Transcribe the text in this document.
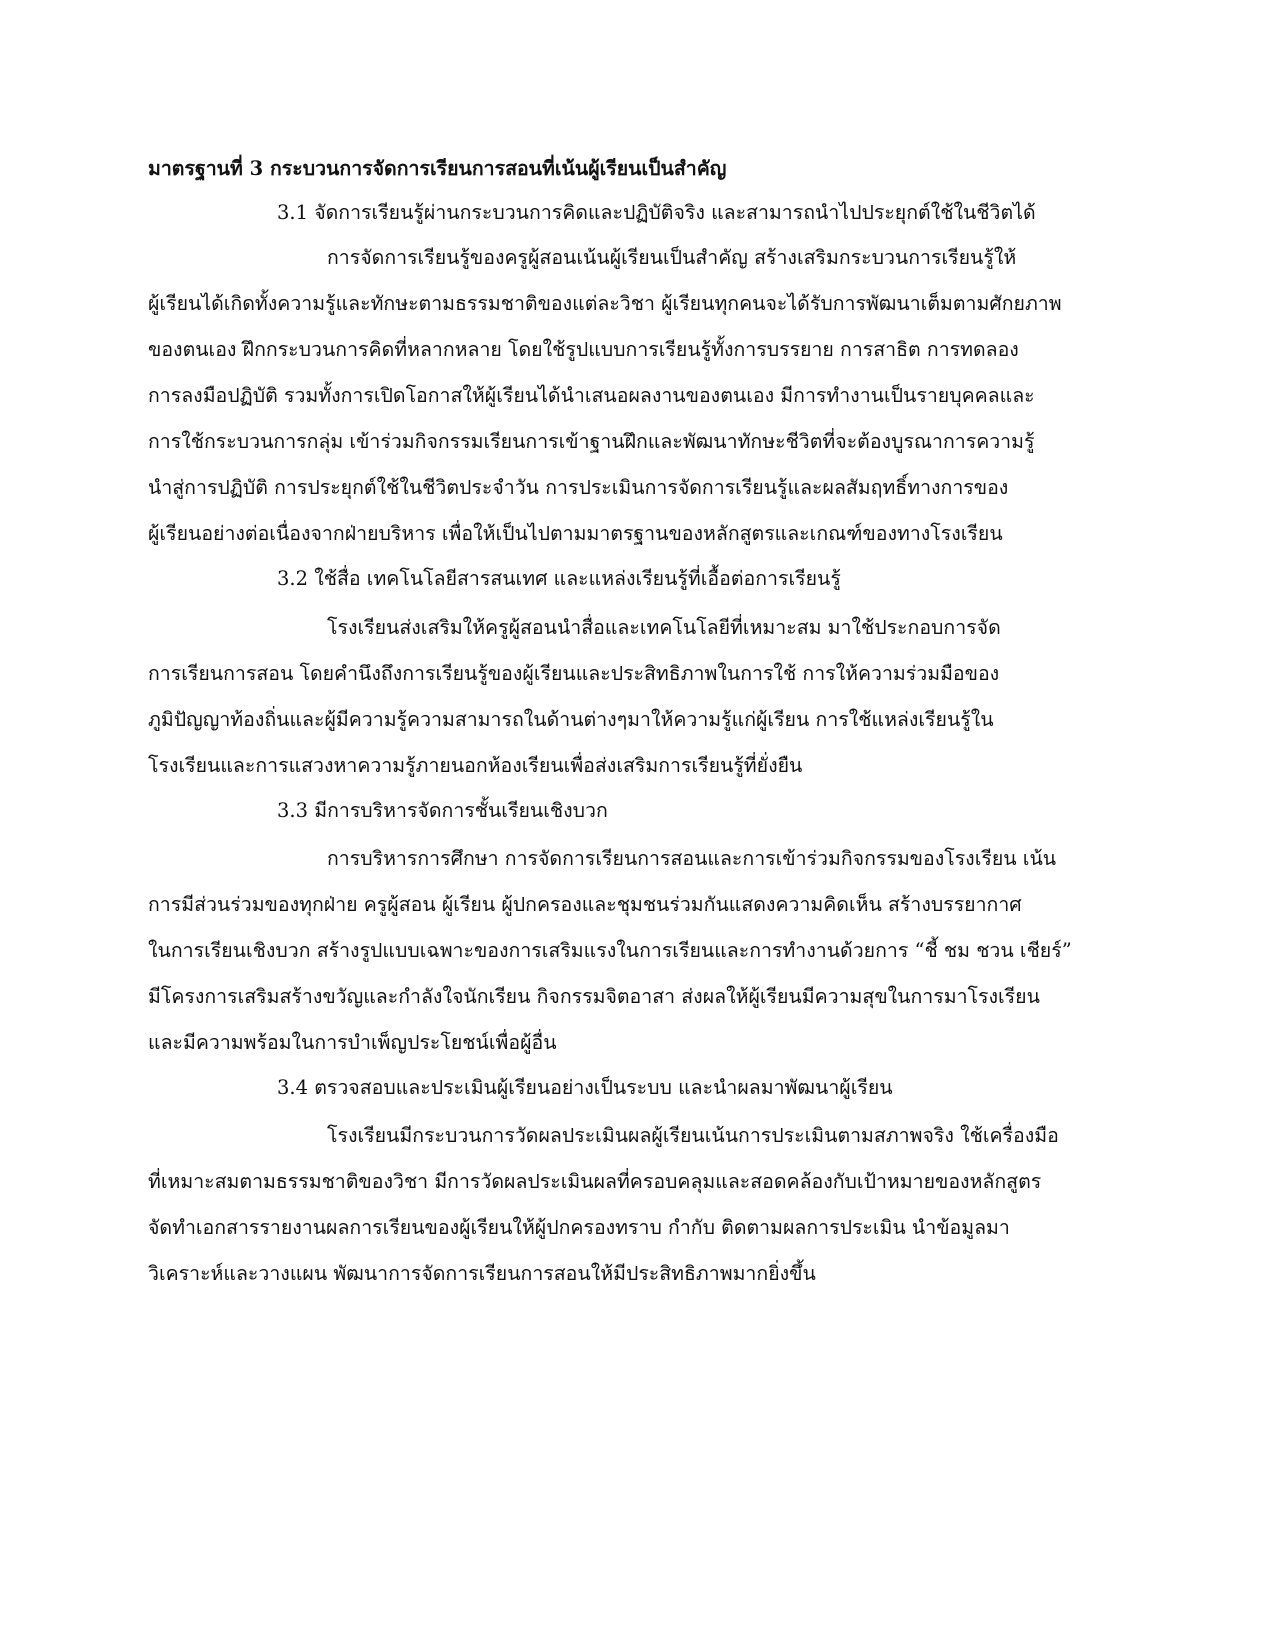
มาตรฐานที่ 3 กระบวนการจัดการเรียนการสอนที่เน้นผู้เรียนเป็นสำคัญ
3.1 จัดการเรียนรู้ผ่านกระบวนการคิดและปฏิบัติจริง และสามารถนำไปประยุกต์ใช้ในชีวิตได้
การจัดการเรียนรู้ของครูผู้สอนเน้นผู้เรียนเป็นสำคัญ สร้างเสริมกระบวนการเรียนรู้ให้
ผู้เรียนได้เกิดทั้งความรู้และทักษะตามธรรมชาติของแต่ละวิชา ผู้เรียนทุกคนจะได้รับการพัฒนาเต็มตามศักยภาพ
ของตนเอง ฝึกกระบวนการคิดที่หลากหลาย โดยใช้รูปแบบการเรียนรู้ทั้งการบรรยาย การสาธิต การทดลอง
การลงมือปฏิบัติ รวมทั้งการเปิดโอกาสให้ผู้เรียนได้นำเสนอผลงานของตนเอง มีการทำงานเป็นรายบุคคลและ
การใช้กระบวนการกลุ่ม เข้าร่วมกิจกรรมเรียนการเข้าฐานฝึกและพัฒนาทักษะชีวิตที่จะต้องบูรณาการความรู้
นำสู่การปฏิบัติ การประยุกต์ใช้ในชีวิตประจำวัน การประเมินการจัดการเรียนรู้และผลสัมฤทธิ์ทางการของ
ผู้เรียนอย่างต่อเนื่องจากฝ่ายบริหาร เพื่อให้เป็นไปตามมาตรฐานของหลักสูตรและเกณฑ์ของทางโรงเรียน
3.2 ใช้สื่อ เทคโนโลยีสารสนเทศ และแหล่งเรียนรู้ที่เอื้อต่อการเรียนรู้
โรงเรียนส่งเสริมให้ครูผู้สอนนำสื่อและเทคโนโลยีที่เหมาะสม มาใช้ประกอบการจัด
การเรียนการสอน โดยคำนึงถึงการเรียนรู้ของผู้เรียนและประสิทธิภาพในการใช้ การให้ความร่วมมือของ
ภูมิปัญญาท้องถิ่นและผู้มีความรู้ความสามารถในด้านต่างๆมาให้ความรู้แก่ผู้เรียน การใช้แหล่งเรียนรู้ใน
โรงเรียนและการแสวงหาความรู้ภายนอกห้องเรียนเพื่อส่งเสริมการเรียนรู้ที่ยั่งยืน
3.3 มีการบริหารจัดการชั้นเรียนเชิงบวก
การบริหารการศึกษา การจัดการเรียนการสอนและการเข้าร่วมกิจกรรมของโรงเรียน เน้น
การมีส่วนร่วมของทุกฝ่าย ครูผู้สอน ผู้เรียน ผู้ปกครองและชุมชนร่วมกันแสดงความคิดเห็น สร้างบรรยากาศ
ในการเรียนเชิงบวก สร้างรูปแบบเฉพาะของการเสริมแรงในการเรียนและการทำงานด้วยการ “ชี้ ชม ชวน เชียร์”
มีโครงการเสริมสร้างขวัญและกำลังใจนักเรียน กิจกรรมจิตอาสา ส่งผลให้ผู้เรียนมีความสุขในการมาโรงเรียน
และมีความพร้อมในการบำเพ็ญประโยชน์เพื่อผู้อื่น
3.4 ตรวจสอบและประเมินผู้เรียนอย่างเป็นระบบ และนำผลมาพัฒนาผู้เรียน
โรงเรียนมีกระบวนการวัดผลประเมินผลผู้เรียนเน้นการประเมินตามสภาพจริง ใช้เครื่องมือ
ที่เหมาะสมตามธรรมชาติของวิชา มีการวัดผลประเมินผลที่ครอบคลุมและสอดคล้องกับเป้าหมายของหลักสูตร
จัดทำเอกสารรายงานผลการเรียนของผู้เรียนให้ผู้ปกครองทราบ กำกับ ติดตามผลการประเมิน นำข้อมูลมา
วิเคราะห์และวางแผน พัฒนาการจัดการเรียนการสอนให้มีประสิทธิภาพมากยิ่งขึ้น
